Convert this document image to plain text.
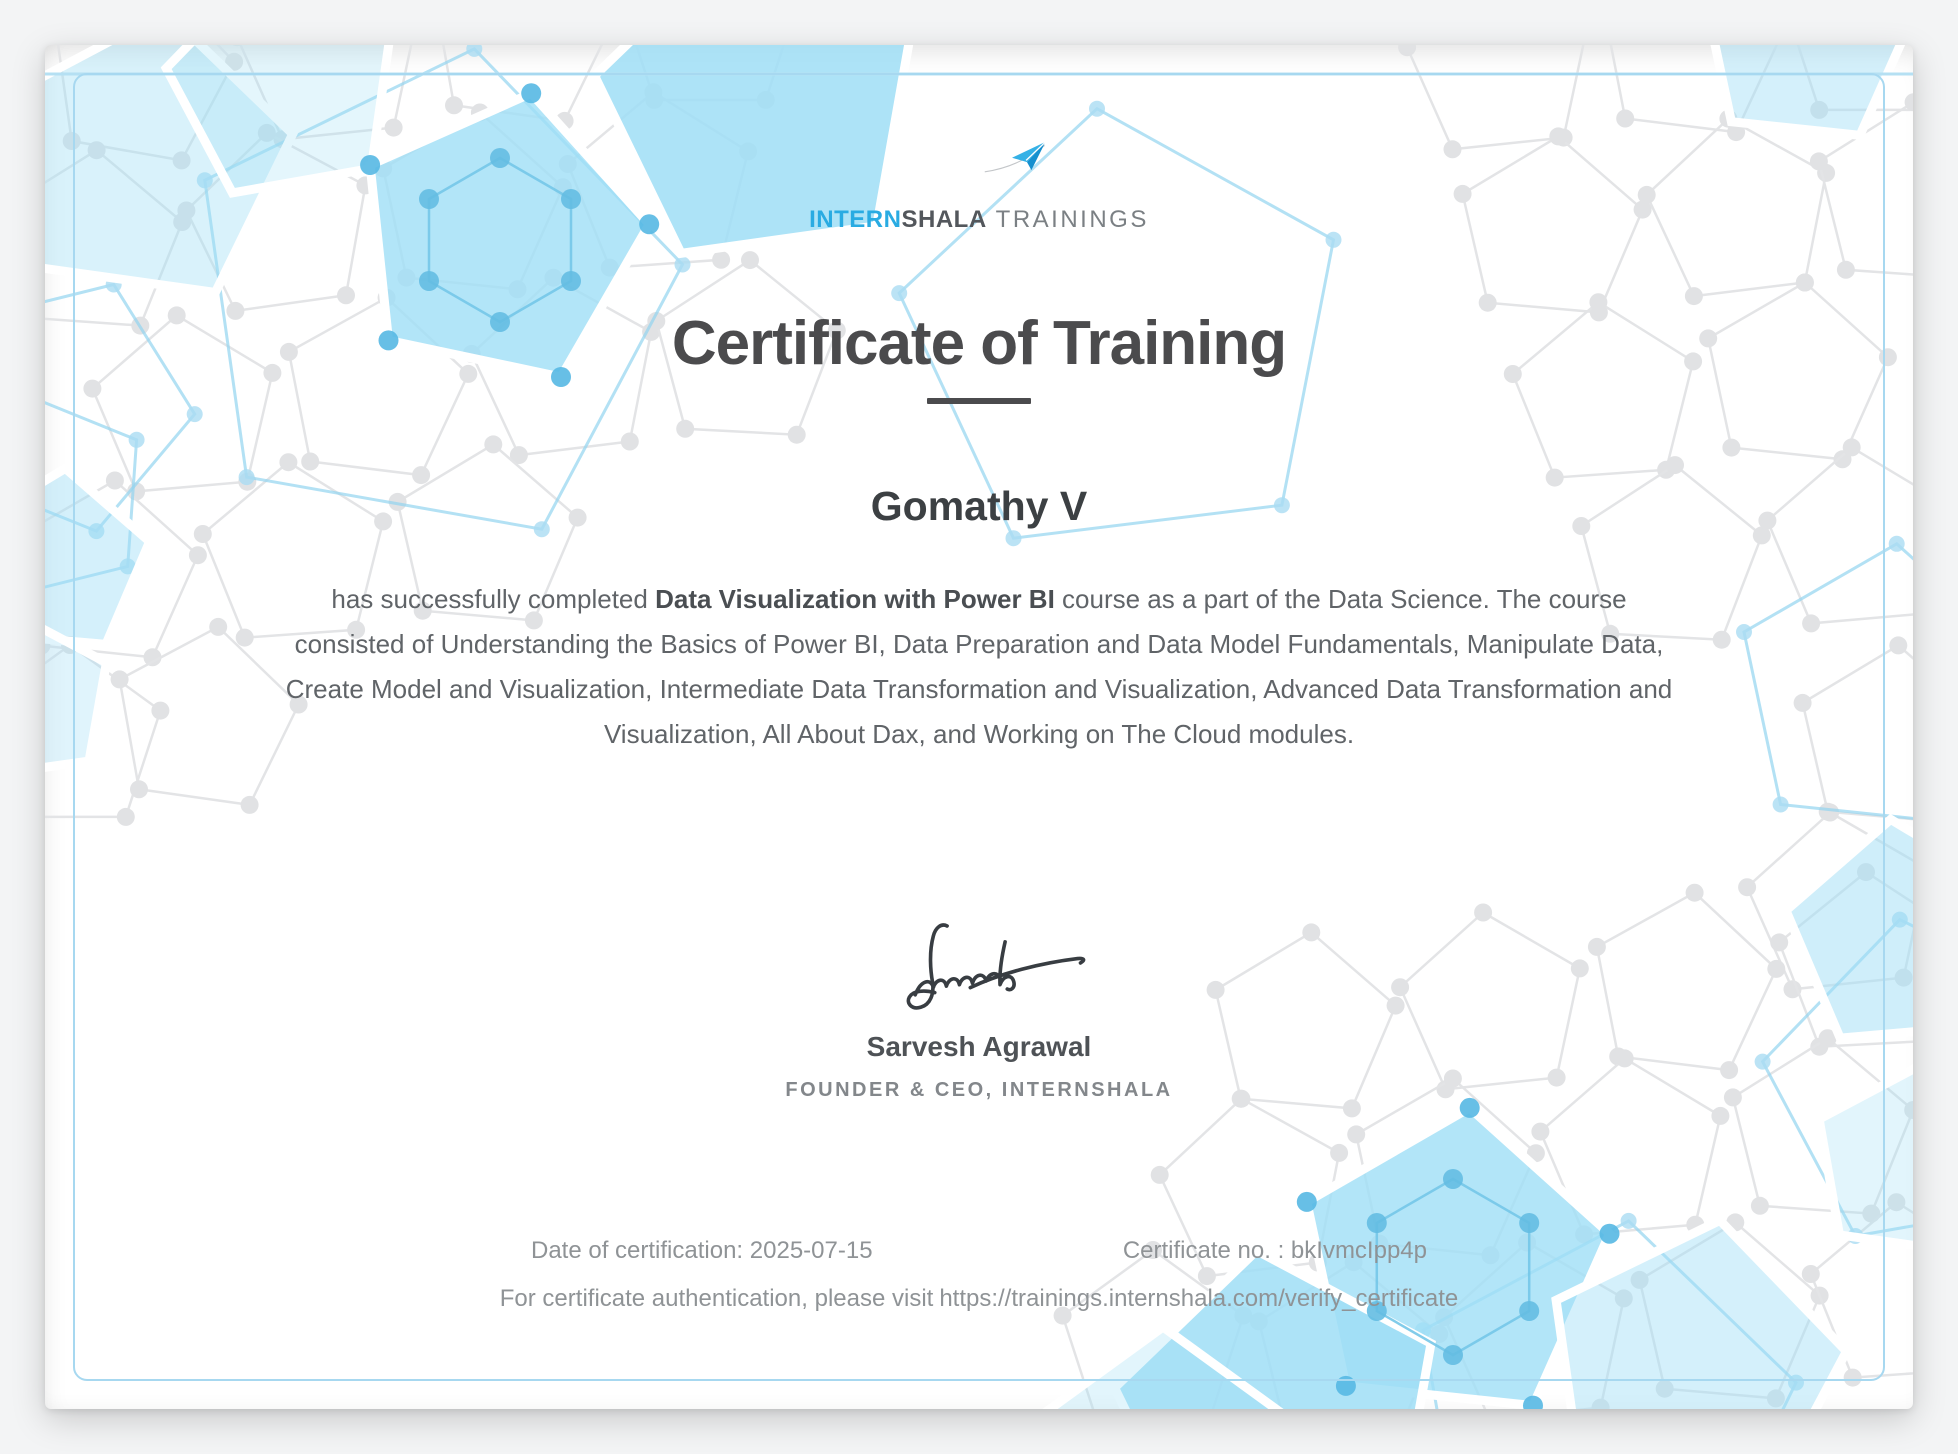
INTERNSHALA TRAININGS
Certificate of Training
Gomathy V
has successfully completed Data Visualization with Power BI course as a part of the Data Science. The course consisted of Understanding the Basics of Power BI, Data Preparation and Data Model Fundamentals, Manipulate Data, Create Model and Visualization, Intermediate Data Transformation and Visualization, Advanced Data Transformation and Visualization, All About Dax, and Working on The Cloud modules.
Sarvesh Agrawal
FOUNDER & CEO, INTERNSHALA
Date of certification: 2025-07-15	Certificate no. : bkIvmcIpp4p
For certificate authentication, please visit https://trainings.internshala.com/verify_certificate
